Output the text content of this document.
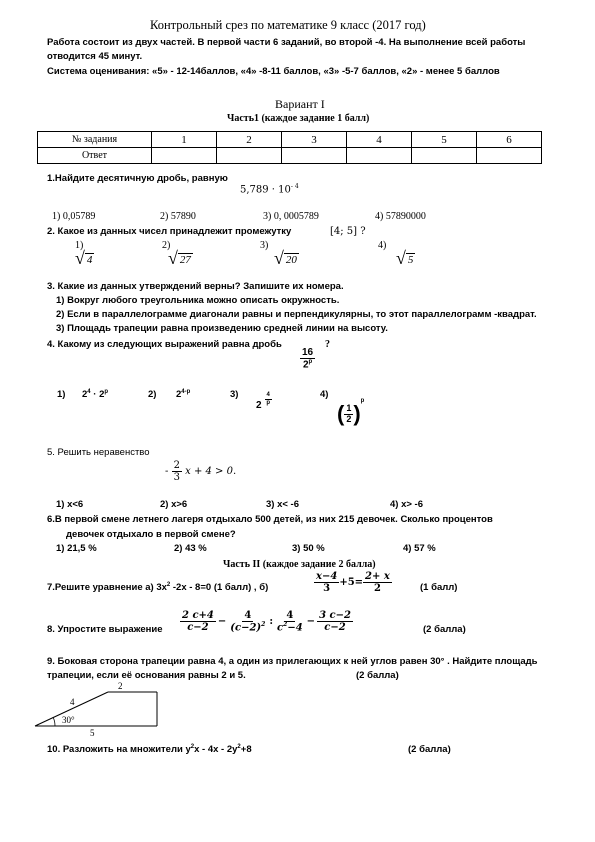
Контрольный срез по математике 9 класс (2017 год)
Работа состоит из двух частей. В первой части 6 заданий, во второй -4. На выполнение всей работы
отводится 45 минут.
Система оценивания: «5» - 12-14баллов, «4» -8-11 баллов, «3» -5-7 баллов, «2» - менее 5 баллов
Вариант I
Часть1 (каждое задание 1 балл)
№ задания	1	2	3	4	5	6
Ответ						
1.Найдите десятичную дробь, равную
$5,789 \cdot 10^{- 4}$
1) 0,05789	2) 57890	3) 0, 0005789	4) 57890000
2. Какое из данных чисел принадлежит промежутку	[4; 5] ?
1)	2)	3)	4)
√ 4	√ 27	√ 20	√ 5
3. Какие из данных утверждений верны? Запишите их номера.
1) Вокруг любого треугольника можно описать окружность.
2) Если в параллелограмме диагонали равны и перпендикулярны, то этот параллелограмм -квадрат.
3) Площадь трапеции равна произведению средней линии на высоту.
4. Какому из следующих выражений равна дробь
$\frac{16}{2^p}$
?
1) $2^4 \cdot 2^p$	2) 2$^{4-p}$	3)
$2 \frac{4}{p}$	4)
( $\frac{1}{2} )^p$
5. Решить неравенство
-
$\frac{2}{3}$
x + 4 > 0.
1) x<6	2) x>6	3) x< -6	4) x> -6
6.В первой смене летнего лагеря отдыхало 500 детей, из них 215 девочек. Сколько процентов
девочек отдыхало в первой смене?
1) 21,5 %	2) 43 %	3) 50 %	4) 57 %
Часть II (каждое задание 2 балла)
7.Решите уравнение а) $3x^2$ -2x - 8=0 (1 балл) , б)	$\frac{x-4}{3} +5= \frac{2+ x}{2}$	(1 балл)
8. Упростите выражение $\frac{2 c+4}{c-2} - \frac{4}{(c-2)^2}$ : $\frac{4}{c^2-4} - \frac{3 c-2}{c-2}$	(2 балла)
9. Боковая сторона трапеции равна 4, а один из прилегающих к ней углов равен 30° . Найдите площадь
трапеции, если её основания равны 2 и 5.	(2 балла)
2
4
30°
5
10. Разложить на множители $y^2x - 4x - 2y^2+8$	(2 балла)
